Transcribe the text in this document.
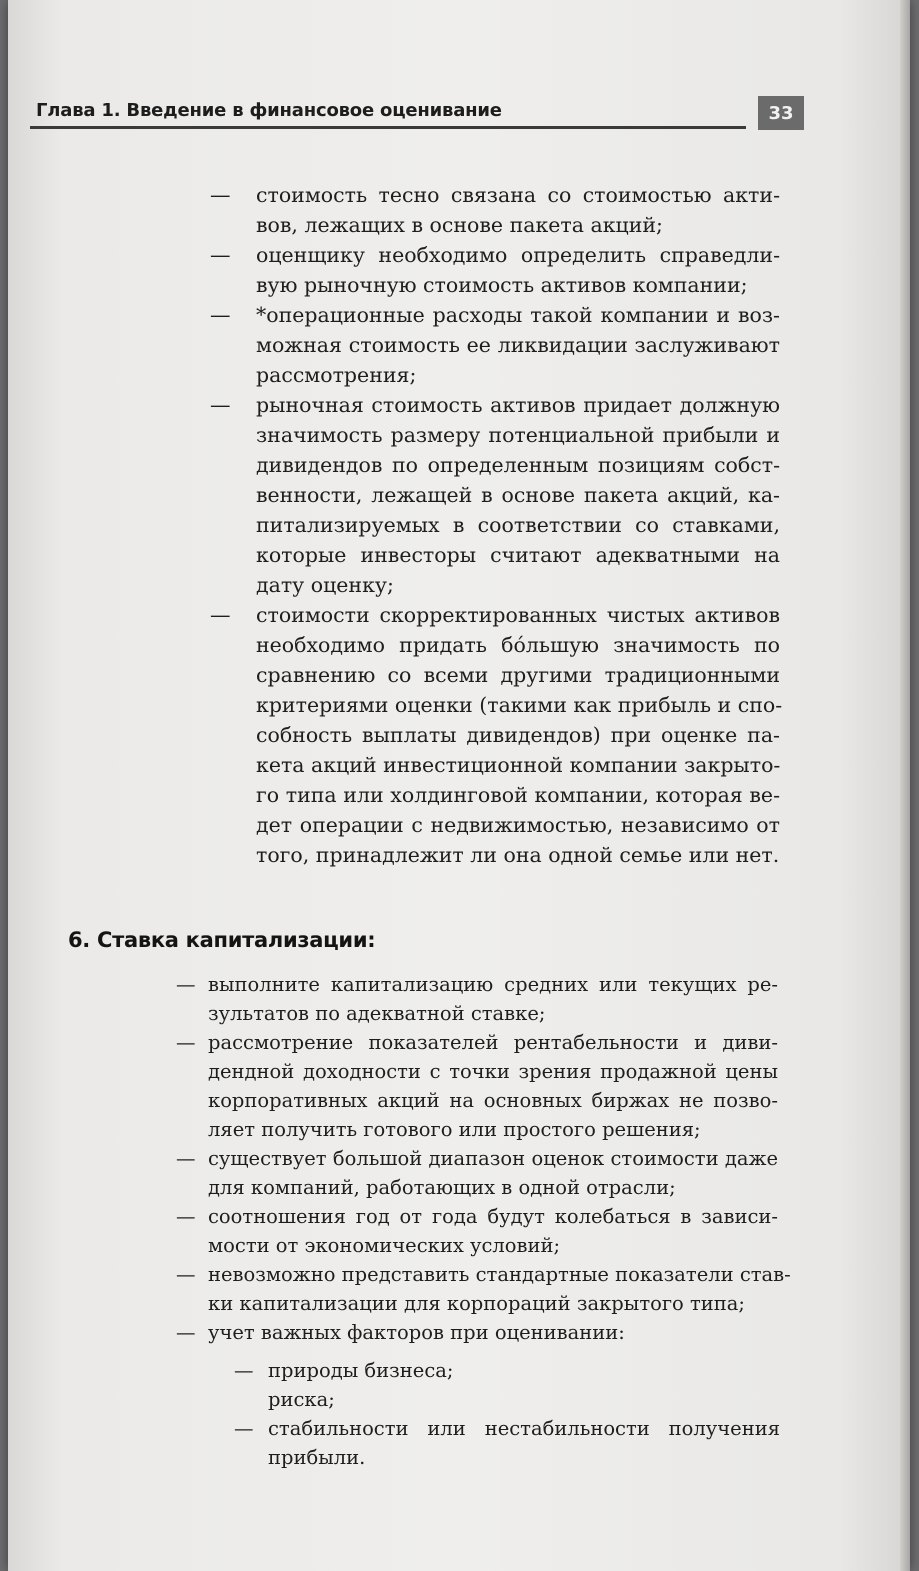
Глава 1. Введение в финансовое оценивание	33
— стоимость тесно связана со стоимостью акти-
вов, лежащих в основе пакета акций;
— оценщику необходимо определить справедли-
вую рыночную стоимость активов компании;
— *операционные расходы такой компании и воз-
можная стоимость ее ликвидации заслуживают
рассмотрения;
— рыночная стоимость активов придает должную
значимость размеру потенциальной прибыли и
дивидендов по определенным позициям собст-
венности, лежащей в основе пакета акций, ка-
питализируемых в соответствии со ставками,
которые инвесторы считают адекватными на
дату оценку;
— стоимости скорректированных чистых активов
необходимо придать бо́льшую значимость по
сравнению со всеми другими традиционными
критериями оценки (такими как прибыль и спо-
собность выплаты дивидендов) при оценке па-
кета акций инвестиционной компании закрыто-
го типа или холдинговой компании, которая ве-
дет операции с недвижимостью, независимо от
того, принадлежит ли она одной семье или нет.
6. Ставка капитализации:
— выполните капитализацию средних или текущих ре-
зультатов по адекватной ставке;
— рассмотрение показателей рентабельности и диви-
дендной доходности с точки зрения продажной цены
корпоративных акций на основных биржах не позво-
ляет получить готового или простого решения;
— существует большой диапазон оценок стоимости даже
для компаний, работающих в одной отрасли;
— соотношения год от года будут колебаться в зависи-
мости от экономических условий;
— невозможно представить стандартные показатели став-
ки капитализации для корпораций закрытого типа;
— учет важных факторов при оценивании:
— природы бизнеса;
риска;
— стабильности или нестабильности получения
прибыли.
